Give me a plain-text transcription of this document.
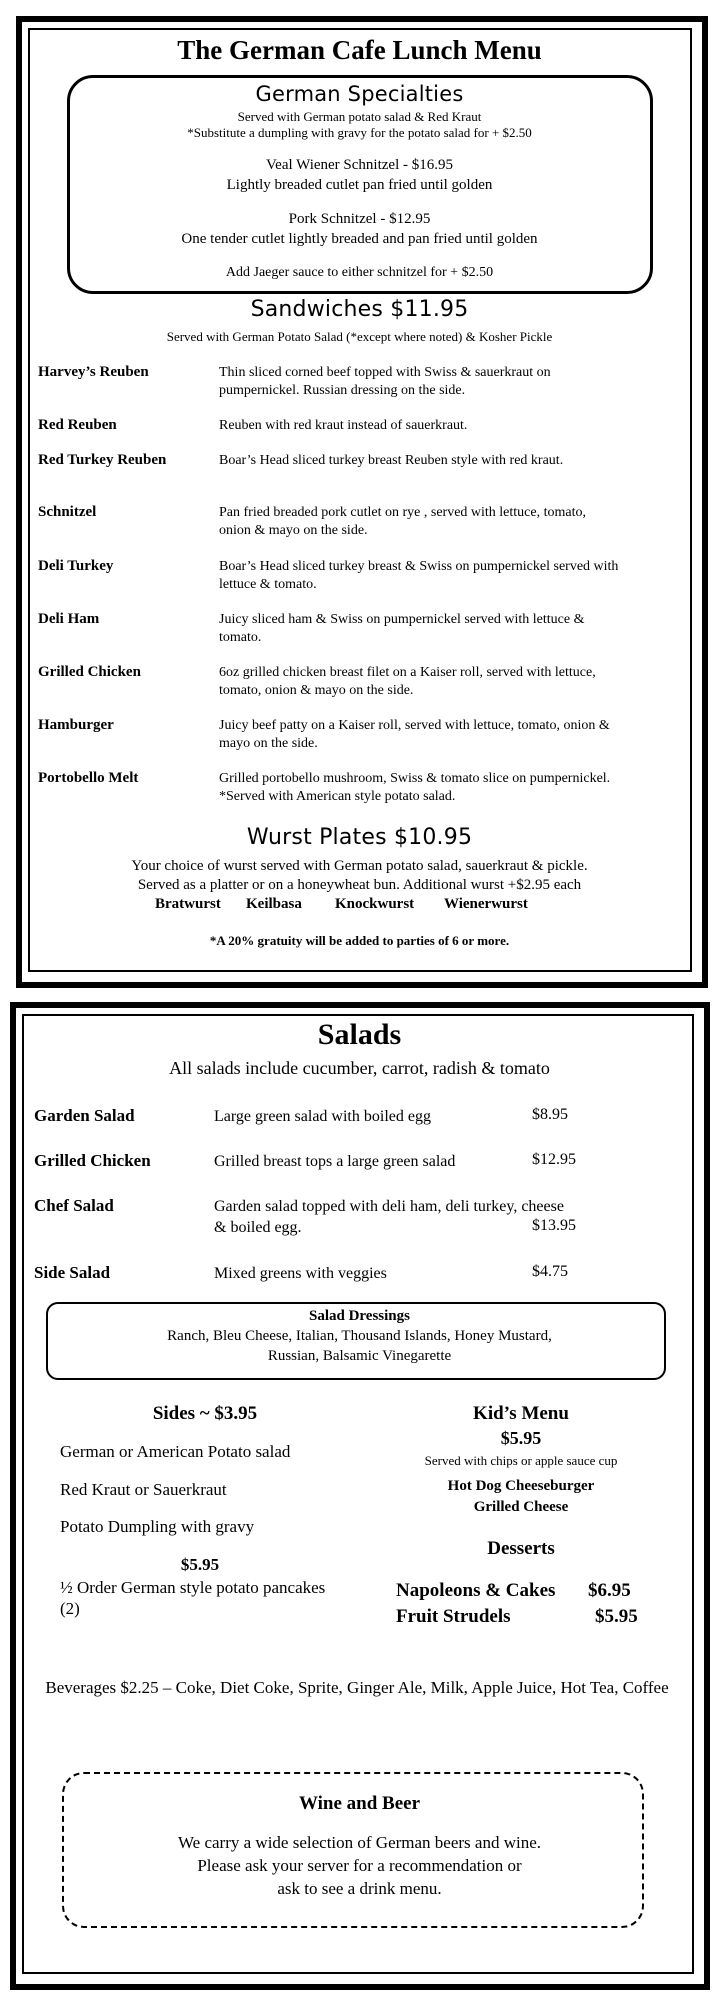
The German Cafe Lunch Menu
German Specialties
Served with German potato salad & Red Kraut
*Substitute a dumpling with gravy for the potato salad for + $2.50
Veal Wiener Schnitzel - $16.95
Lightly breaded cutlet pan fried until golden
Pork Schnitzel - $12.95
One tender cutlet lightly breaded and pan fried until golden
Add Jaeger sauce to either schnitzel for + $2.50
Sandwiches $11.95
Served with German Potato Salad (*except where noted) & Kosher Pickle
Harvey’s Reuben	Thin sliced corned beef topped with Swiss & sauerkraut on pumpernickel. Russian dressing on the side.
Red Reuben	Reuben with red kraut instead of sauerkraut.
Red Turkey Reuben	Boar’s Head sliced turkey breast Reuben style with red kraut.
Schnitzel	Pan fried breaded pork cutlet on rye , served with lettuce, tomato, onion & mayo on the side.
Deli Turkey	Boar’s Head sliced turkey breast & Swiss on pumpernickel served with lettuce & tomato.
Deli Ham	Juicy sliced ham & Swiss on pumpernickel served with lettuce & tomato.
Grilled Chicken	6oz grilled chicken breast filet on a Kaiser roll, served with lettuce, tomato, onion & mayo on the side.
Hamburger	Juicy beef patty on a Kaiser roll, served with lettuce, tomato, onion & mayo on the side.
Portobello Melt	Grilled portobello mushroom, Swiss & tomato slice on pumpernickel. *Served with American style potato salad.
Wurst Plates $10.95
Your choice of wurst served with German potato salad, sauerkraut & pickle.
Served as a platter or on a honeywheat bun. Additional wurst +$2.95 each
Bratwurst Keilbasa Knockwurst Wienerwurst
*A 20% gratuity will be added to parties of 6 or more.
Salads
All salads include cucumber, carrot, radish & tomato
Garden Salad	Large green salad with boiled egg	$8.95
Grilled Chicken	Grilled breast tops a large green salad	$12.95
Chef Salad	Garden salad topped with deli ham, deli turkey, cheese & boiled egg.	$13.95
Side Salad	Mixed greens with veggies	$4.75
Salad Dressings
Ranch, Bleu Cheese, Italian, Thousand Islands, Honey Mustard,
Russian, Balsamic Vinegarette
Sides ~ $3.95
German or American Potato salad
Red Kraut or Sauerkraut
Potato Dumpling with gravy
$5.95
½ Order German style potato pancakes (2)
Kid’s Menu
$5.95
Served with chips or apple sauce cup
Hot Dog Cheeseburger
Grilled Cheese
Desserts
Napoleons & Cakes $6.95
Fruit Strudels	$5.95
Beverages $2.25 – Coke, Diet Coke, Sprite, Ginger Ale, Milk, Apple Juice, Hot Tea, Coffee
Wine and Beer
We carry a wide selection of German beers and wine.
Please ask your server for a recommendation or
ask to see a drink menu.
